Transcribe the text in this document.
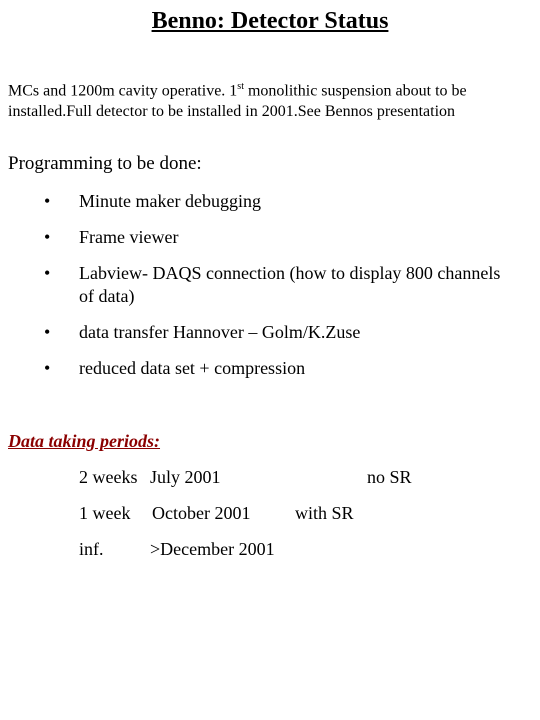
Benno: Detector Status
MCs and 1200m cavity operative. 1st monolithic suspension about to be installed.Full detector to be installed in 2001.See Bennos presentation
Programming to be done:
• Minute maker debugging
• Frame viewer
• Labview- DAQS connection (how to display 800 channels of data)
• data transfer Hannover – Golm/K.Zuse
• reduced data set + compression
Data taking periods:
2 weeks July 2001	no SR
1 week October 2001 with SR
inf.	>December 2001
